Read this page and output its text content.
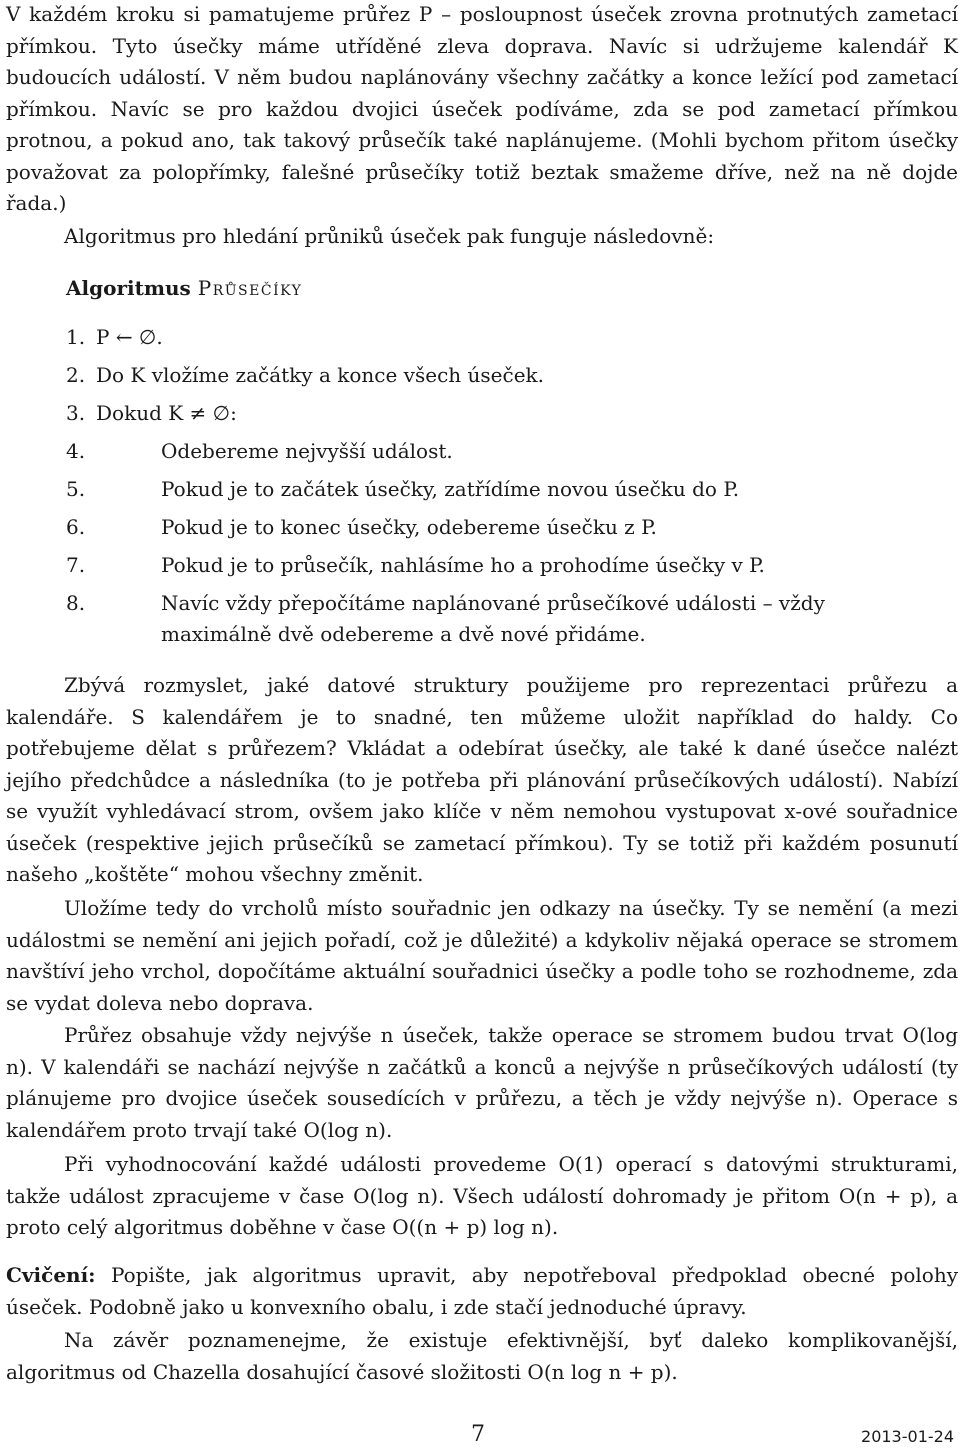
V každém kroku si pamatujeme průřez P – posloupnost úseček zrovna protnutých zametací přímkou. Tyto úsečky máme utříděné zleva doprava. Navíc si udržujeme kalendář K budoucích událostí. V něm budou naplánovány všechny začátky a konce ležící pod zametací přímkou. Navíc se pro každou dvojici úseček podíváme, zda se pod zametací přímkou protnou, a pokud ano, tak takový průsečík také naplánujeme. (Mohli bychom přitom úsečky považovat za polopřímky, falešné průsečíky totiž beztak smažeme dříve, než na ně dojde řada.)

Algoritmus pro hledání průniků úseček pak funguje následovně:

Algoritmus Průsečíky

1. P ← ∅.

2. Do K vložíme začátky a konce všech úseček.

3. Dokud K ≠ ∅:

4.	Odebereme nejvyšší událost.

5.	Pokud je to začátek úsečky, zatřídíme novou úsečku do P.

6.	Pokud je to konec úsečky, odebereme úsečku z P.

7.	Pokud je to průsečík, nahlásíme ho a prohodíme úsečky v P.

8.	Navíc vždy přepočítáme naplánované průsečíkové události – vždy

maximálně dvě odebereme a dvě nové přidáme.

Zbývá rozmyslet, jaké datové struktury použijeme pro reprezentaci průřezu a kalendáře. S kalendářem je to snadné, ten můžeme uložit například do haldy. Co potřebujeme dělat s průřezem? Vkládat a odebírat úsečky, ale také k dané úsečce nalézt jejího předchůdce a následníka (to je potřeba při plánování průsečíkových událostí). Nabízí se využít vyhledávací strom, ovšem jako klíče v něm nemohou vystupovat x-ové souřadnice úseček (respektive jejich průsečíků se zametací přímkou). Ty se totiž při každém posunutí našeho „koštěte“ mohou všechny změnit.

Uložíme tedy do vrcholů místo souřadnic jen odkazy na úsečky. Ty se nemění (a mezi událostmi se nemění ani jejich pořadí, což je důležité) a kdykoliv nějaká operace se stromem navštíví jeho vrchol, dopočítáme aktuální souřadnici úsečky a podle toho se rozhodneme, zda se vydat doleva nebo doprava.

Průřez obsahuje vždy nejvýše n úseček, takže operace se stromem budou trvat O(log n). V kalendáři se nachází nejvýše n začátků a konců a nejvýše n průsečíkových událostí (ty plánujeme pro dvojice úseček sousedících v průřezu, a těch je vždy nejvýše n). Operace s kalendářem proto trvají také O(log n).

Při vyhodnocování každé události provedeme O(1) operací s datovými strukturami, takže událost zpracujeme v čase O(log n). Všech událostí dohromady je přitom O(n + p), a proto celý algoritmus doběhne v čase O((n + p) log n).

Cvičení: Popište, jak algoritmus upravit, aby nepotřeboval předpoklad obecné polohy úseček. Podobně jako u konvexního obalu, i zde stačí jednoduché úpravy.

Na závěr poznamenejme, že existuje efektivnější, byť daleko komplikovanější, algoritmus od Chazella dosahující časové složitosti O(n log n + p).

7	2013-01-24
